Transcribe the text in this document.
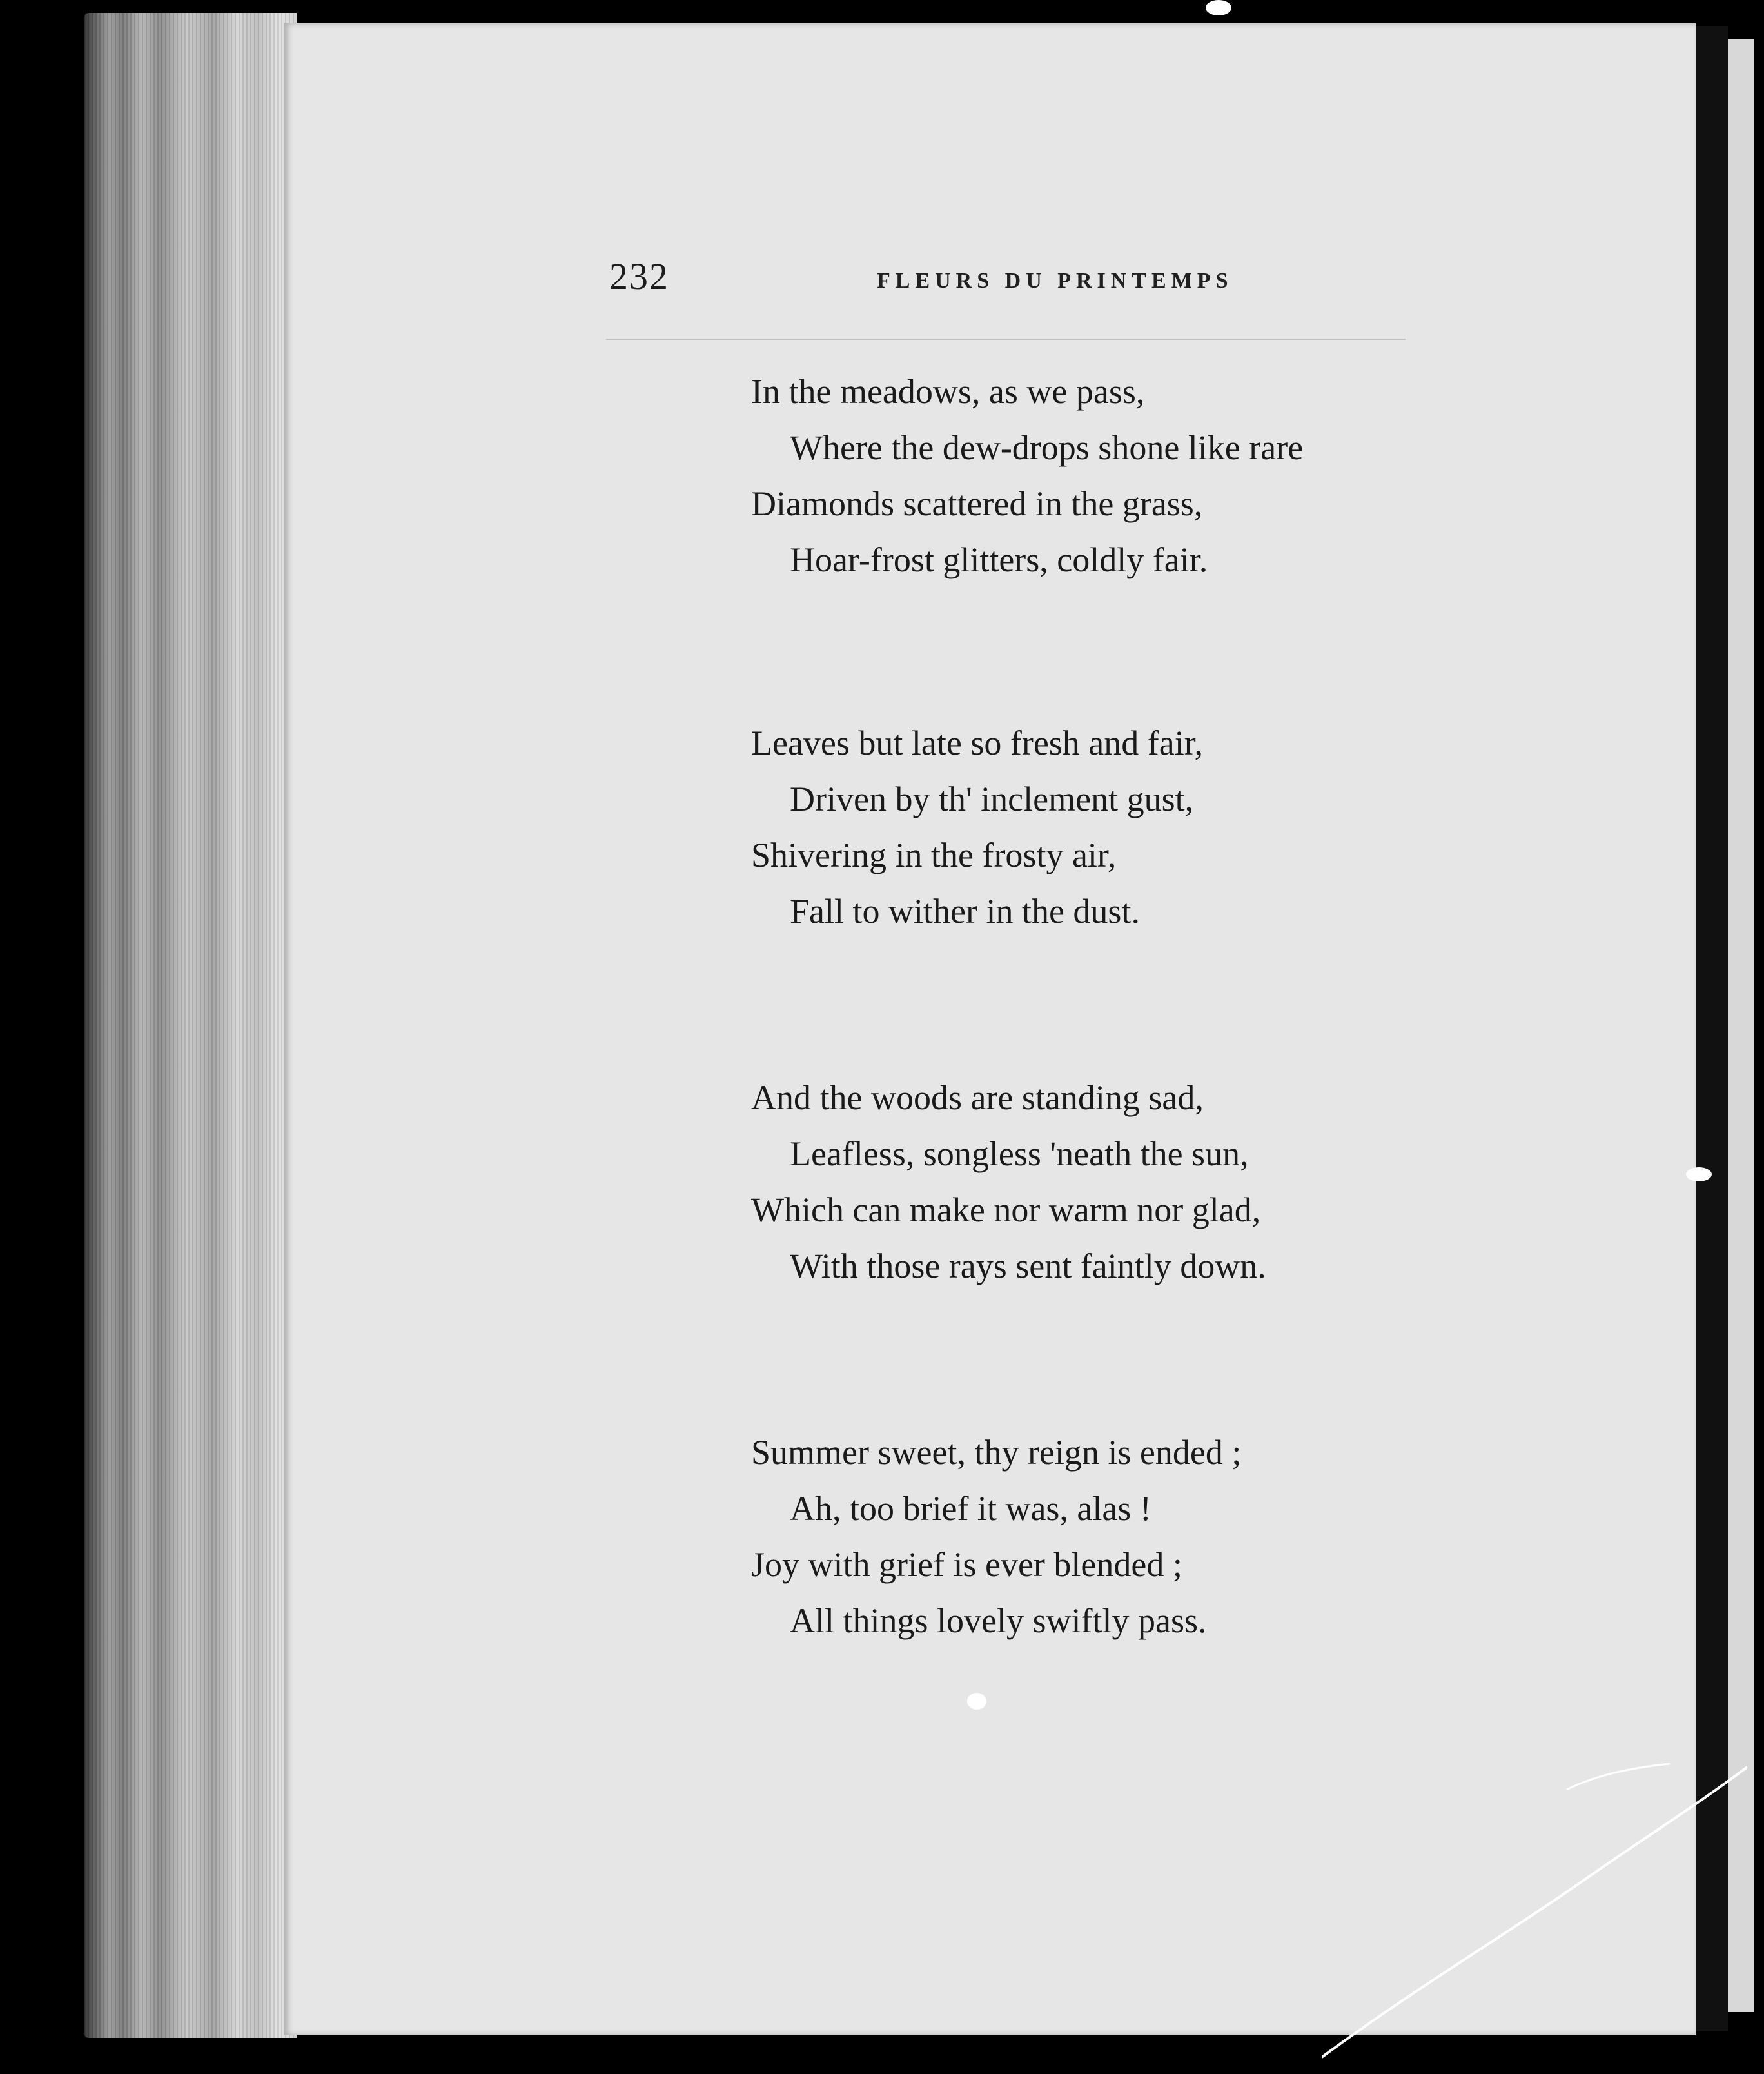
232	FLEURS DU PRINTEMPS
In the meadows, as we pass,
Where the dew-drops shone like rare
Diamonds scattered in the grass,
Hoar-frost glitters, coldly fair.
Leaves but late so fresh and fair,
Driven by th' inclement gust,
Shivering in the frosty air,
Fall to wither in the dust.
And the woods are standing sad,
Leafless, songless 'neath the sun,
Which can make nor warm nor glad,
With those rays sent faintly down.
Summer sweet, thy reign is ended ;
Ah, too brief it was, alas !
Joy with grief is ever blended ;
All things lovely swiftly pass.
